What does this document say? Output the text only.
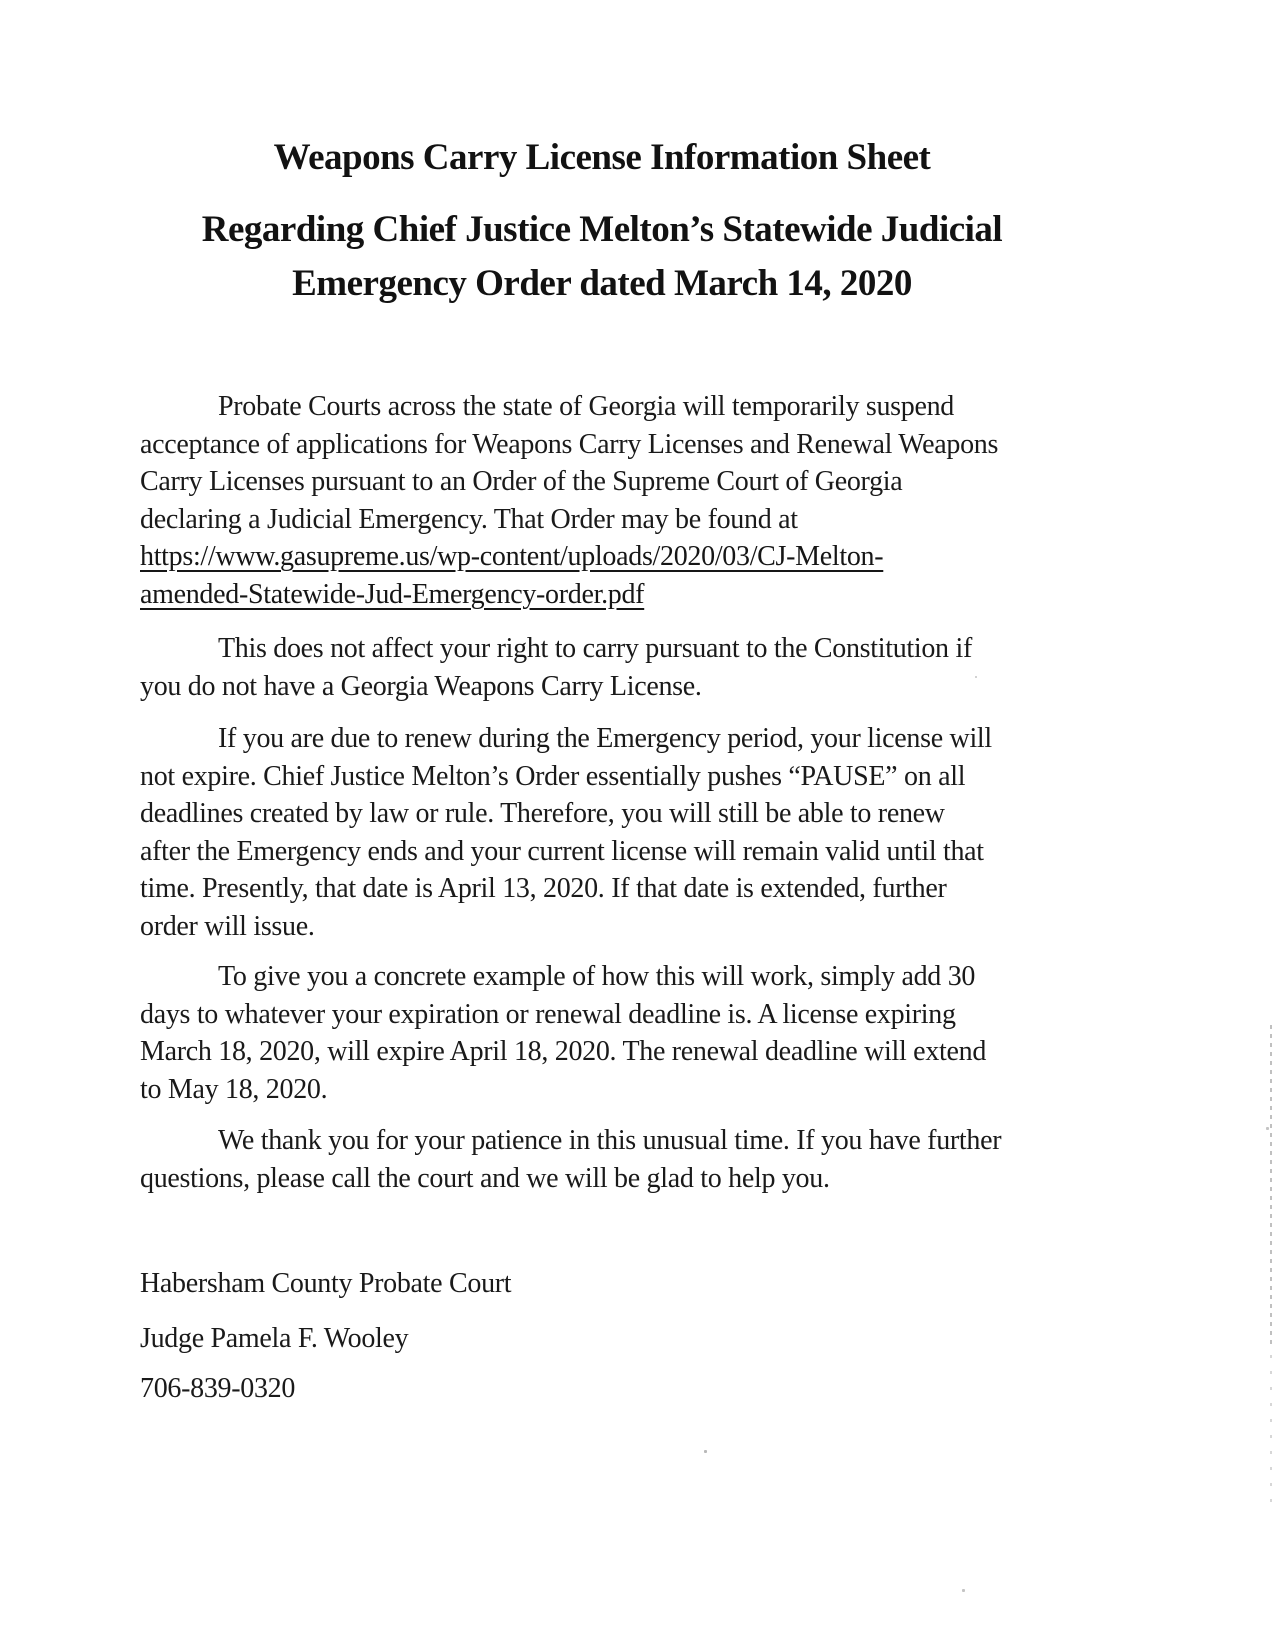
Weapons Carry License Information Sheet
Regarding Chief Justice Melton’s Statewide Judicial
Emergency Order dated March 14, 2020
Probate Courts across the state of Georgia will temporarily suspend
acceptance of applications for Weapons Carry Licenses and Renewal Weapons
Carry Licenses pursuant to an Order of the Supreme Court of Georgia
declaring a Judicial Emergency. That Order may be found at
https://www.gasupreme.us/wp-content/uploads/2020/03/CJ-Melton-
amended-Statewide-Jud-Emergency-order.pdf
This does not affect your right to carry pursuant to the Constitution if
you do not have a Georgia Weapons Carry License.
If you are due to renew during the Emergency period, your license will
not expire. Chief Justice Melton’s Order essentially pushes “PAUSE” on all
deadlines created by law or rule. Therefore, you will still be able to renew
after the Emergency ends and your current license will remain valid until that
time. Presently, that date is April 13, 2020. If that date is extended, further
order will issue.
To give you a concrete example of how this will work, simply add 30
days to whatever your expiration or renewal deadline is. A license expiring
March 18, 2020, will expire April 18, 2020. The renewal deadline will extend
to May 18, 2020.
We thank you for your patience in this unusual time. If you have further
questions, please call the court and we will be glad to help you.
Habersham County Probate Court
Judge Pamela F. Wooley
706-839-0320
